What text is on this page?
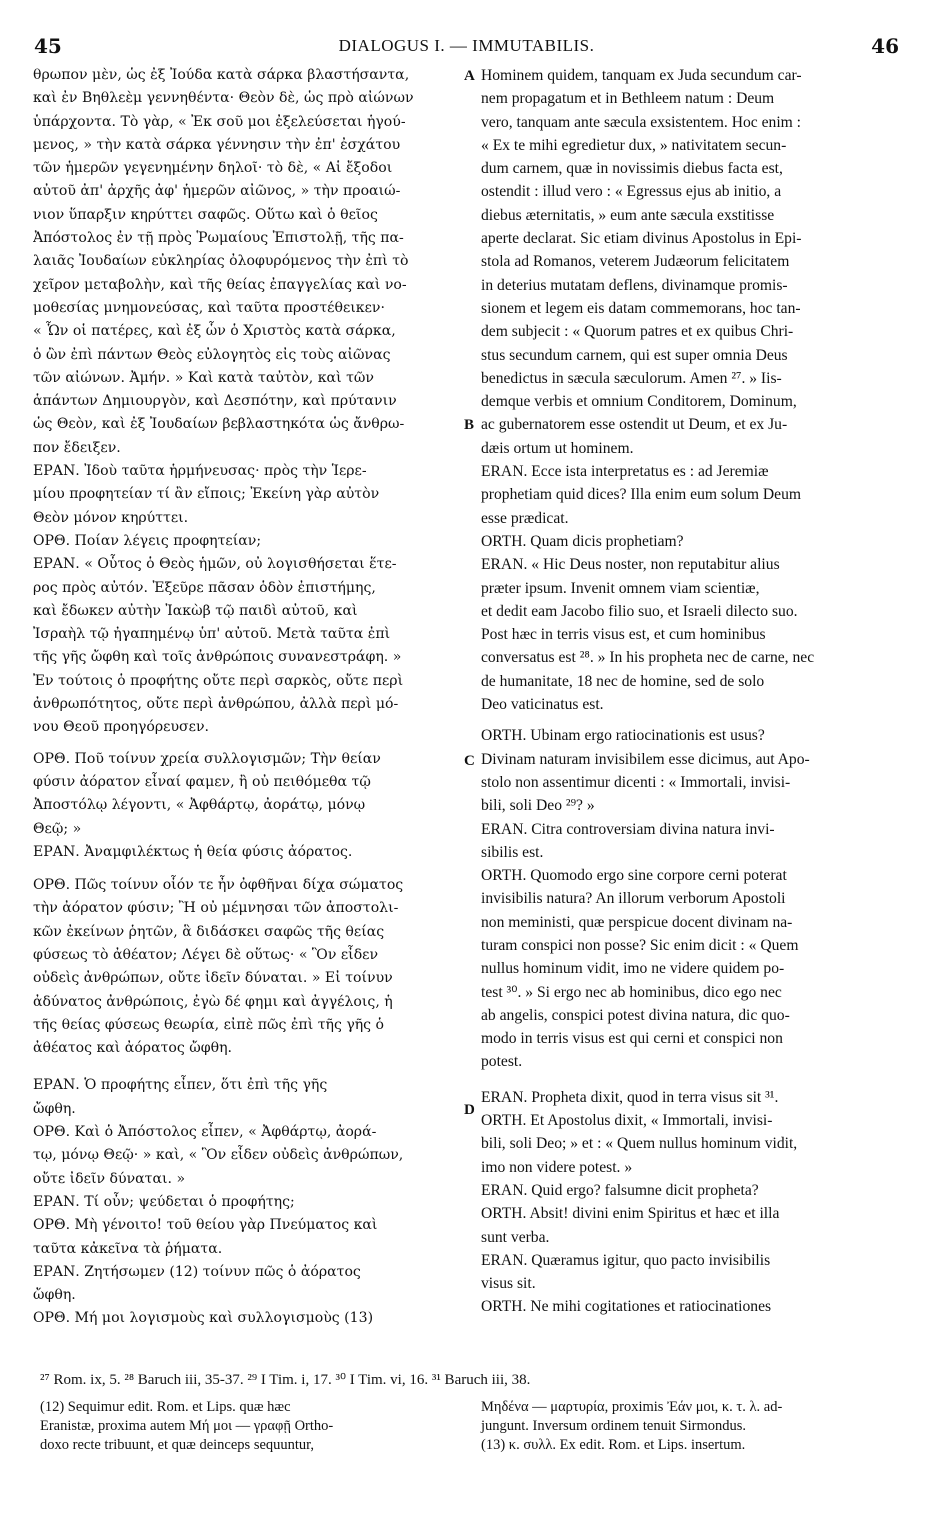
45	DIALOGUS I. — IMMUTABILIS.	46
θρωπον μὲν, ὡς ἐξ Ἰούδα κατὰ σάρκα βλαστήσαντα,
καὶ ἐν Βηθλεὲμ γεννηθέντα· Θεὸν δὲ, ὡς πρὸ αἰώνων
ὑπάρχοντα. Τὸ γὰρ, « Ἐκ σοῦ μοι ἐξελεύσεται ἡγού-
μενος, » τὴν κατὰ σάρκα γέννησιν τὴν ἐπ' ἐσχάτου
τῶν ἡμερῶν γεγενημένην δηλοῖ· τὸ δὲ, « Αἱ ἔξοδοι
αὐτοῦ ἀπ' ἀρχῆς ἀφ' ἡμερῶν αἰῶνος, » τὴν προαιώ-
νιον ὕπαρξιν κηρύττει σαφῶς. Οὕτω καὶ ὁ θεῖος
Ἀπόστολος ἐν τῇ πρὸς Ῥωμαίους Ἐπιστολῇ, τῆς πα-
λαιᾶς Ἰουδαίων εὐκληρίας ὀλοφυρόμενος τὴν ἐπὶ τὸ
χεῖρον μεταβολὴν, καὶ τῆς θείας ἐπαγγελίας καὶ νο-
μοθεσίας μνημονεύσας, καὶ ταῦτα προστέθεικεν·
« Ὧν οἱ πατέρες, καὶ ἐξ ὧν ὁ Χριστὸς κατὰ σάρκα,
ὁ ὢν ἐπὶ πάντων Θεὸς εὐλογητὸς εἰς τοὺς αἰῶνας
τῶν αἰώνων. Ἀμήν. » Καὶ κατὰ ταὐτὸν, καὶ τῶν
ἁπάντων Δημιουργὸν, καὶ Δεσπότην, καὶ πρύτανιν
ὡς Θεὸν, καὶ ἐξ Ἰουδαίων βεβλαστηκότα ὡς ἄνθρω-
πον ἔδειξεν.
ΕΡΑΝ. Ἰδοὺ ταῦτα ἡρμήνευσας· πρὸς τὴν Ἱερε-
μίου προφητείαν τί ἂν εἴποις; Ἐκείνη γὰρ αὐτὸν
Θεὸν μόνον κηρύττει.
ΟΡΘ. Ποίαν λέγεις προφητείαν;
ΕΡΑΝ. « Οὗτος ὁ Θεὸς ἡμῶν, οὐ λογισθήσεται ἕτε-
ρος πρὸς αὐτόν. Ἐξεῦρε πᾶσαν ὁδὸν ἐπιστήμης,
καὶ ἔδωκεν αὐτὴν Ἰακὼβ τῷ παιδὶ αὐτοῦ, καὶ
Ἰσραὴλ τῷ ἠγαπημένῳ ὑπ' αὐτοῦ. Μετὰ ταῦτα ἐπὶ
τῆς γῆς ὤφθη καὶ τοῖς ἀνθρώποις συνανεστράφη. »
Ἐν τούτοις ὁ προφήτης οὔτε περὶ σαρκὸς, οὔτε περὶ
ἀνθρωπότητος, οὔτε περὶ ἀνθρώπου, ἀλλὰ περὶ μό-
νου Θεοῦ προηγόρευσεν.
ΟΡΘ. Ποῦ τοίνυν χρεία συλλογισμῶν; Τὴν θείαν
φύσιν ἀόρατον εἶναί φαμεν, ἢ οὐ πειθόμεθα τῷ
Ἀποστόλῳ λέγοντι, « Ἀφθάρτῳ, ἀοράτῳ, μόνῳ
Θεῷ; »
ΕΡΑΝ. Ἀναμφιλέκτως ἡ θεία φύσις ἀόρατος.
ΟΡΘ. Πῶς τοίνυν οἷόν τε ἦν ὀφθῆναι δίχα σώματος
τὴν ἀόρατον φύσιν; Ἢ οὐ μέμνησαι τῶν ἀποστολι-
κῶν ἐκείνων ῥητῶν, ἃ διδάσκει σαφῶς τῆς θείας
φύσεως τὸ ἀθέατον; Λέγει δὲ οὕτως· « Ὃν εἶδεν
οὐδεὶς ἀνθρώπων, οὔτε ἰδεῖν δύναται. » Εἰ τοίνυν
ἀδύνατος ἀνθρώποις, ἐγὼ δέ φημι καὶ ἀγγέλοις, ἡ
τῆς θείας φύσεως θεωρία, εἰπὲ πῶς ἐπὶ τῆς γῆς ὁ
ἀθέατος καὶ ἀόρατος ὤφθη.
ΕΡΑΝ. Ὁ προφήτης εἶπεν, ὅτι ἐπὶ τῆς γῆς
ὤφθη.
ΟΡΘ. Καὶ ὁ Ἀπόστολος εἶπεν, « Ἀφθάρτῳ, ἀορά-
τῳ, μόνῳ Θεῷ· » καὶ, « Ὃν εἶδεν οὐδεὶς ἀνθρώπων,
οὔτε ἰδεῖν δύναται. »
ΕΡΑΝ. Τί οὖν; ψεύδεται ὁ προφήτης;
ΟΡΘ. Μὴ γένοιτο! τοῦ θείου γὰρ Πνεύματος καὶ
ταῦτα κἀκεῖνα τὰ ῥήματα.
ΕΡΑΝ. Ζητήσωμεν (12) τοίνυν πῶς ὁ ἀόρατος
ὤφθη.
ΟΡΘ. Μή μοι λογισμοὺς καὶ συλλογισμοὺς (13)
Hominem quidem, tanquam ex Juda secundum car-
nem propagatum et in Bethleem natum : Deum
vero, tanquam ante sæcula exsistentem. Hoc enim :
« Ex te mihi egredietur dux, » nativitatem secun-
dum carnem, quæ in novissimis diebus facta est,
ostendit : illud vero : « Egressus ejus ab initio, a
diebus æternitatis, » eum ante sæcula exstitisse
aperte declarat. Sic etiam divinus Apostolus in Epi-
stola ad Romanos, veterem Judæorum felicitatem
in deterius mutatam deflens, divinamque promis-
sionem et legem eis datam commemorans, hoc tan-
dem subjecit : « Quorum patres et ex quibus Chri-
stus secundum carnem, qui est super omnia Deus
benedictus in sæcula sæculorum. Amen ²⁷. » Iis-
demque verbis et omnium Conditorem, Dominum,
ac gubernatorem esse ostendit ut Deum, et ex Ju-
dæis ortum ut hominem.
ERAN. Ecce ista interpretatus es : ad Jeremiæ
prophetiam quid dices? Illa enim eum solum Deum
esse prædicat.
ORTH. Quam dicis prophetiam?
ERAN. « Hic Deus noster, non reputabitur alius
præter ipsum. Invenit omnem viam scientiæ,
et dedit eam Jacobo filio suo, et Israeli dilecto suo.
Post hæc in terris visus est, et cum hominibus
conversatus est ²⁸. » In his propheta nec de carne, nec
de humanitate, 18 nec de homine, sed de solo
Deo vaticinatus est.
ORTH. Ubinam ergo ratiocinationis est usus?
Divinam naturam invisibilem esse dicimus, aut Apo-
stolo non assentimur dicenti : « Immortali, invisi-
bili, soli Deo ²⁹? »
ERAN. Citra controversiam divina natura invi-
sibilis est.
ORTH. Quomodo ergo sine corpore cerni poterat
invisibilis natura? An illorum verborum Apostoli
non meministi, quæ perspicue docent divinam na-
turam conspici non posse? Sic enim dicit : « Quem
nullus hominum vidit, imo ne videre quidem po-
test ³⁰. » Si ergo nec ab hominibus, dico ego nec
ab angelis, conspici potest divina natura, dic quo-
modo in terris visus est qui cerni et conspici non
potest.
ERAN. Propheta dixit, quod in terra visus sit ³¹.
ORTH. Et Apostolus dixit, « Immortali, invisi-
bili, soli Deo; » et : « Quem nullus hominum vidit,
imo non videre potest. »
ERAN. Quid ergo? falsumne dicit propheta?
ORTH. Absit! divini enim Spiritus et hæc et illa
sunt verba.
ERAN. Quæramus igitur, quo pacto invisibilis
visus sit.
ORTH. Ne mihi cogitationes et ratiocinationes
A
B
C
D
²⁷ Rom. ix, 5. ²⁸ Baruch iii, 35-37. ²⁹ I Tim. i, 17. ³⁰ I Tim. vi, 16. ³¹ Baruch iii, 38.
(12) Sequimur edit. Rom. et Lips. quæ hæc
Eranistæ, proxima autem Μή μοι — γραφῇ Ortho-
doxo recte tribuunt, et quæ deinceps sequuntur,
Μηδένα — μαρτυρία, proximis Ἐάν μοι, κ. τ. λ. ad-
jungunt. Inversum ordinem tenuit Sirmondus.
(13) κ. συλλ. Ex edit. Rom. et Lips. insertum.
